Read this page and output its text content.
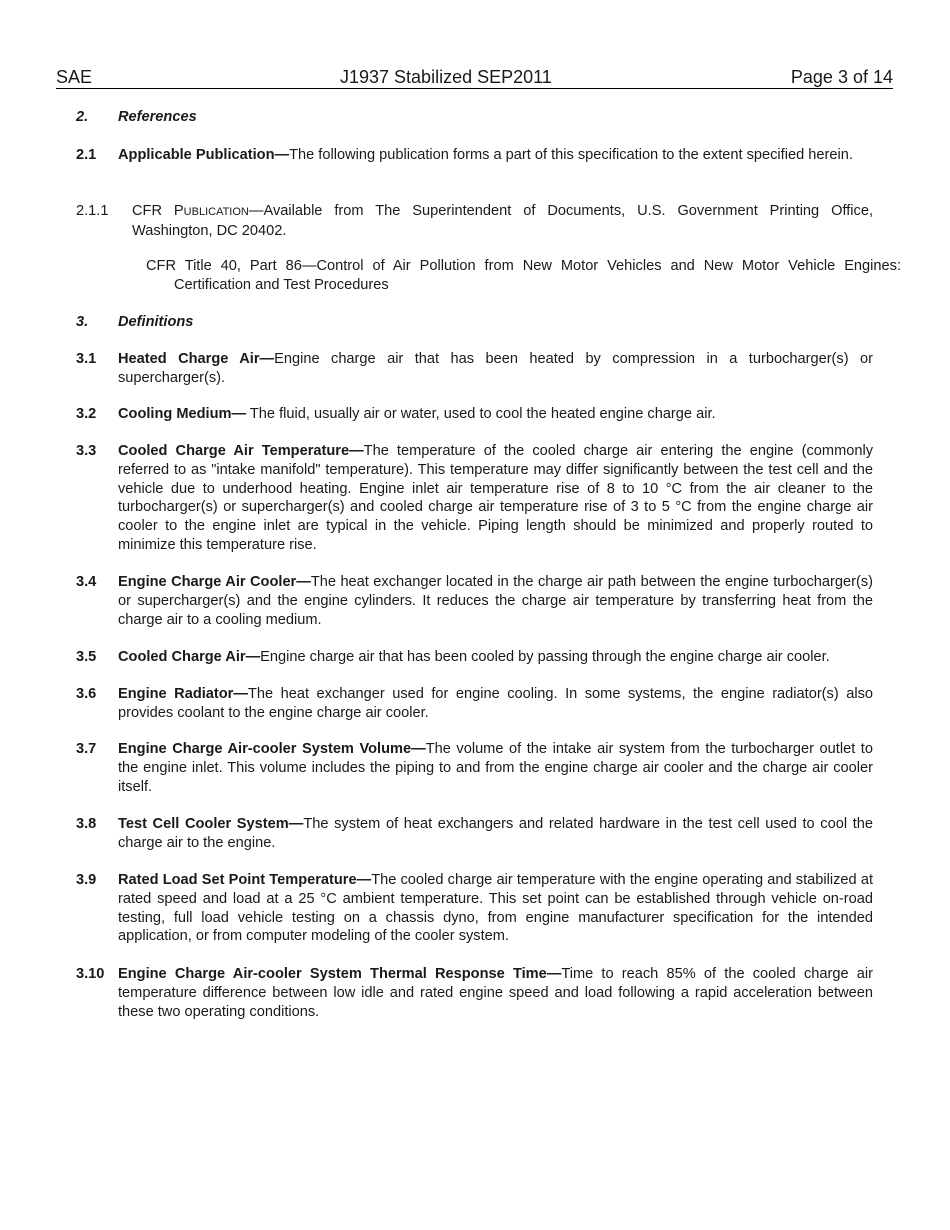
SAE	J1937 Stabilized SEP2011	Page 3 of 14
2. References
2.1 Applicable Publication—The following publication forms a part of this specification to the extent specified herein.
2.1.1 CFR PUBLICATION—Available from The Superintendent of Documents, U.S. Government Printing Office, Washington, DC 20402.
CFR Title 40, Part 86—Control of Air Pollution from New Motor Vehicles and New Motor Vehicle Engines: Certification and Test Procedures
3. Definitions
3.1 Heated Charge Air—Engine charge air that has been heated by compression in a turbocharger(s) or supercharger(s).
3.2 Cooling Medium— The fluid, usually air or water, used to cool the heated engine charge air.
3.3 Cooled Charge Air Temperature—The temperature of the cooled charge air entering the engine (commonly referred to as "intake manifold" temperature). This temperature may differ significantly between the test cell and the vehicle due to underhood heating. Engine inlet air temperature rise of 8 to 10 °C from the air cleaner to the turbocharger(s) or supercharger(s) and cooled charge air temperature rise of 3 to 5 °C from the engine charge air cooler to the engine inlet are typical in the vehicle. Piping length should be minimized and properly routed to minimize this temperature rise.
3.4 Engine Charge Air Cooler—The heat exchanger located in the charge air path between the engine turbocharger(s) or supercharger(s) and the engine cylinders. It reduces the charge air temperature by transferring heat from the charge air to a cooling medium.
3.5 Cooled Charge Air—Engine charge air that has been cooled by passing through the engine charge air cooler.
3.6 Engine Radiator—The heat exchanger used for engine cooling. In some systems, the engine radiator(s) also provides coolant to the engine charge air cooler.
3.7 Engine Charge Air-cooler System Volume—The volume of the intake air system from the turbocharger outlet to the engine inlet. This volume includes the piping to and from the engine charge air cooler and the charge air cooler itself.
3.8 Test Cell Cooler System—The system of heat exchangers and related hardware in the test cell used to cool the charge air to the engine.
3.9 Rated Load Set Point Temperature—The cooled charge air temperature with the engine operating and stabilized at rated speed and load at a 25 °C ambient temperature. This set point can be established through vehicle on-road testing, full load vehicle testing on a chassis dyno, from engine manufacturer specification for the intended application, or from computer modeling of the cooler system.
3.10 Engine Charge Air-cooler System Thermal Response Time—Time to reach 85% of the cooled charge air temperature difference between low idle and rated engine speed and load following a rapid acceleration between these two operating conditions.
